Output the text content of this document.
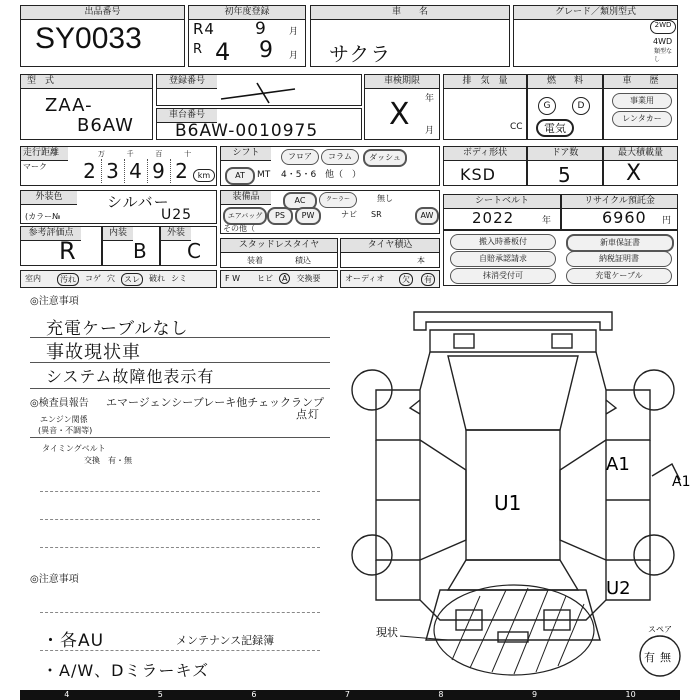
出品番号
SY0033
初年度登録
R4 9 月
R 4 9 月
車　　名
サクラ
グレード／類別型式
2WD
4WD
類型なし
型　式
ZAA-
B6AW
登録番号
車台番号
B6AW-0010975
車検期限
年
月
X
排　気　量
CC
燃　　料
G	D
電気
車　　歴
事業用
レンタカー
走行距離
マーク
万	千	百	十
2 3 4 9 2	km
シフト	フロア	コラム	ダッシュ
AT	MT 4・5・6 他（　）
ボディ形状
KSD
ドア数
5
最大積載量
X
外装色	シルバー
(カラー№	U25
装備品	AC	クーラー	無し
エアバッグ	PS	PW	ナビ SR	AW
その他（
シートベルト
2022	年
リサイクル預託金
6960 円
参考評価点
R
内装
B
外装
C	スタッドレスタイヤ
装着	積込
タイヤ積込
本
搬入時番板付	新車保証書
自賠承認請求	納税証明書
抹消受付可	充電ケーブル
室内	汚れ	コゲ 穴	スレ	破れ シミ	F W ヒビ	A	交換要	オーディオ	欠	有
◎注意事項
充電ケーブルなし
事故現状車
システム故障他表示有
◎検査員報告 エマージェンシーブレーキ他チェックランプ
点灯
エンジン関係
(異音・不調等)
タイミングベルト
交換　有・無
◎注意事項
・各AU	メンテナンス記録簿
・A/W、Dミラーキズ
U1
A1
A1
U2
現状	スペア
有 無
4	5	6	7	8	9	10
